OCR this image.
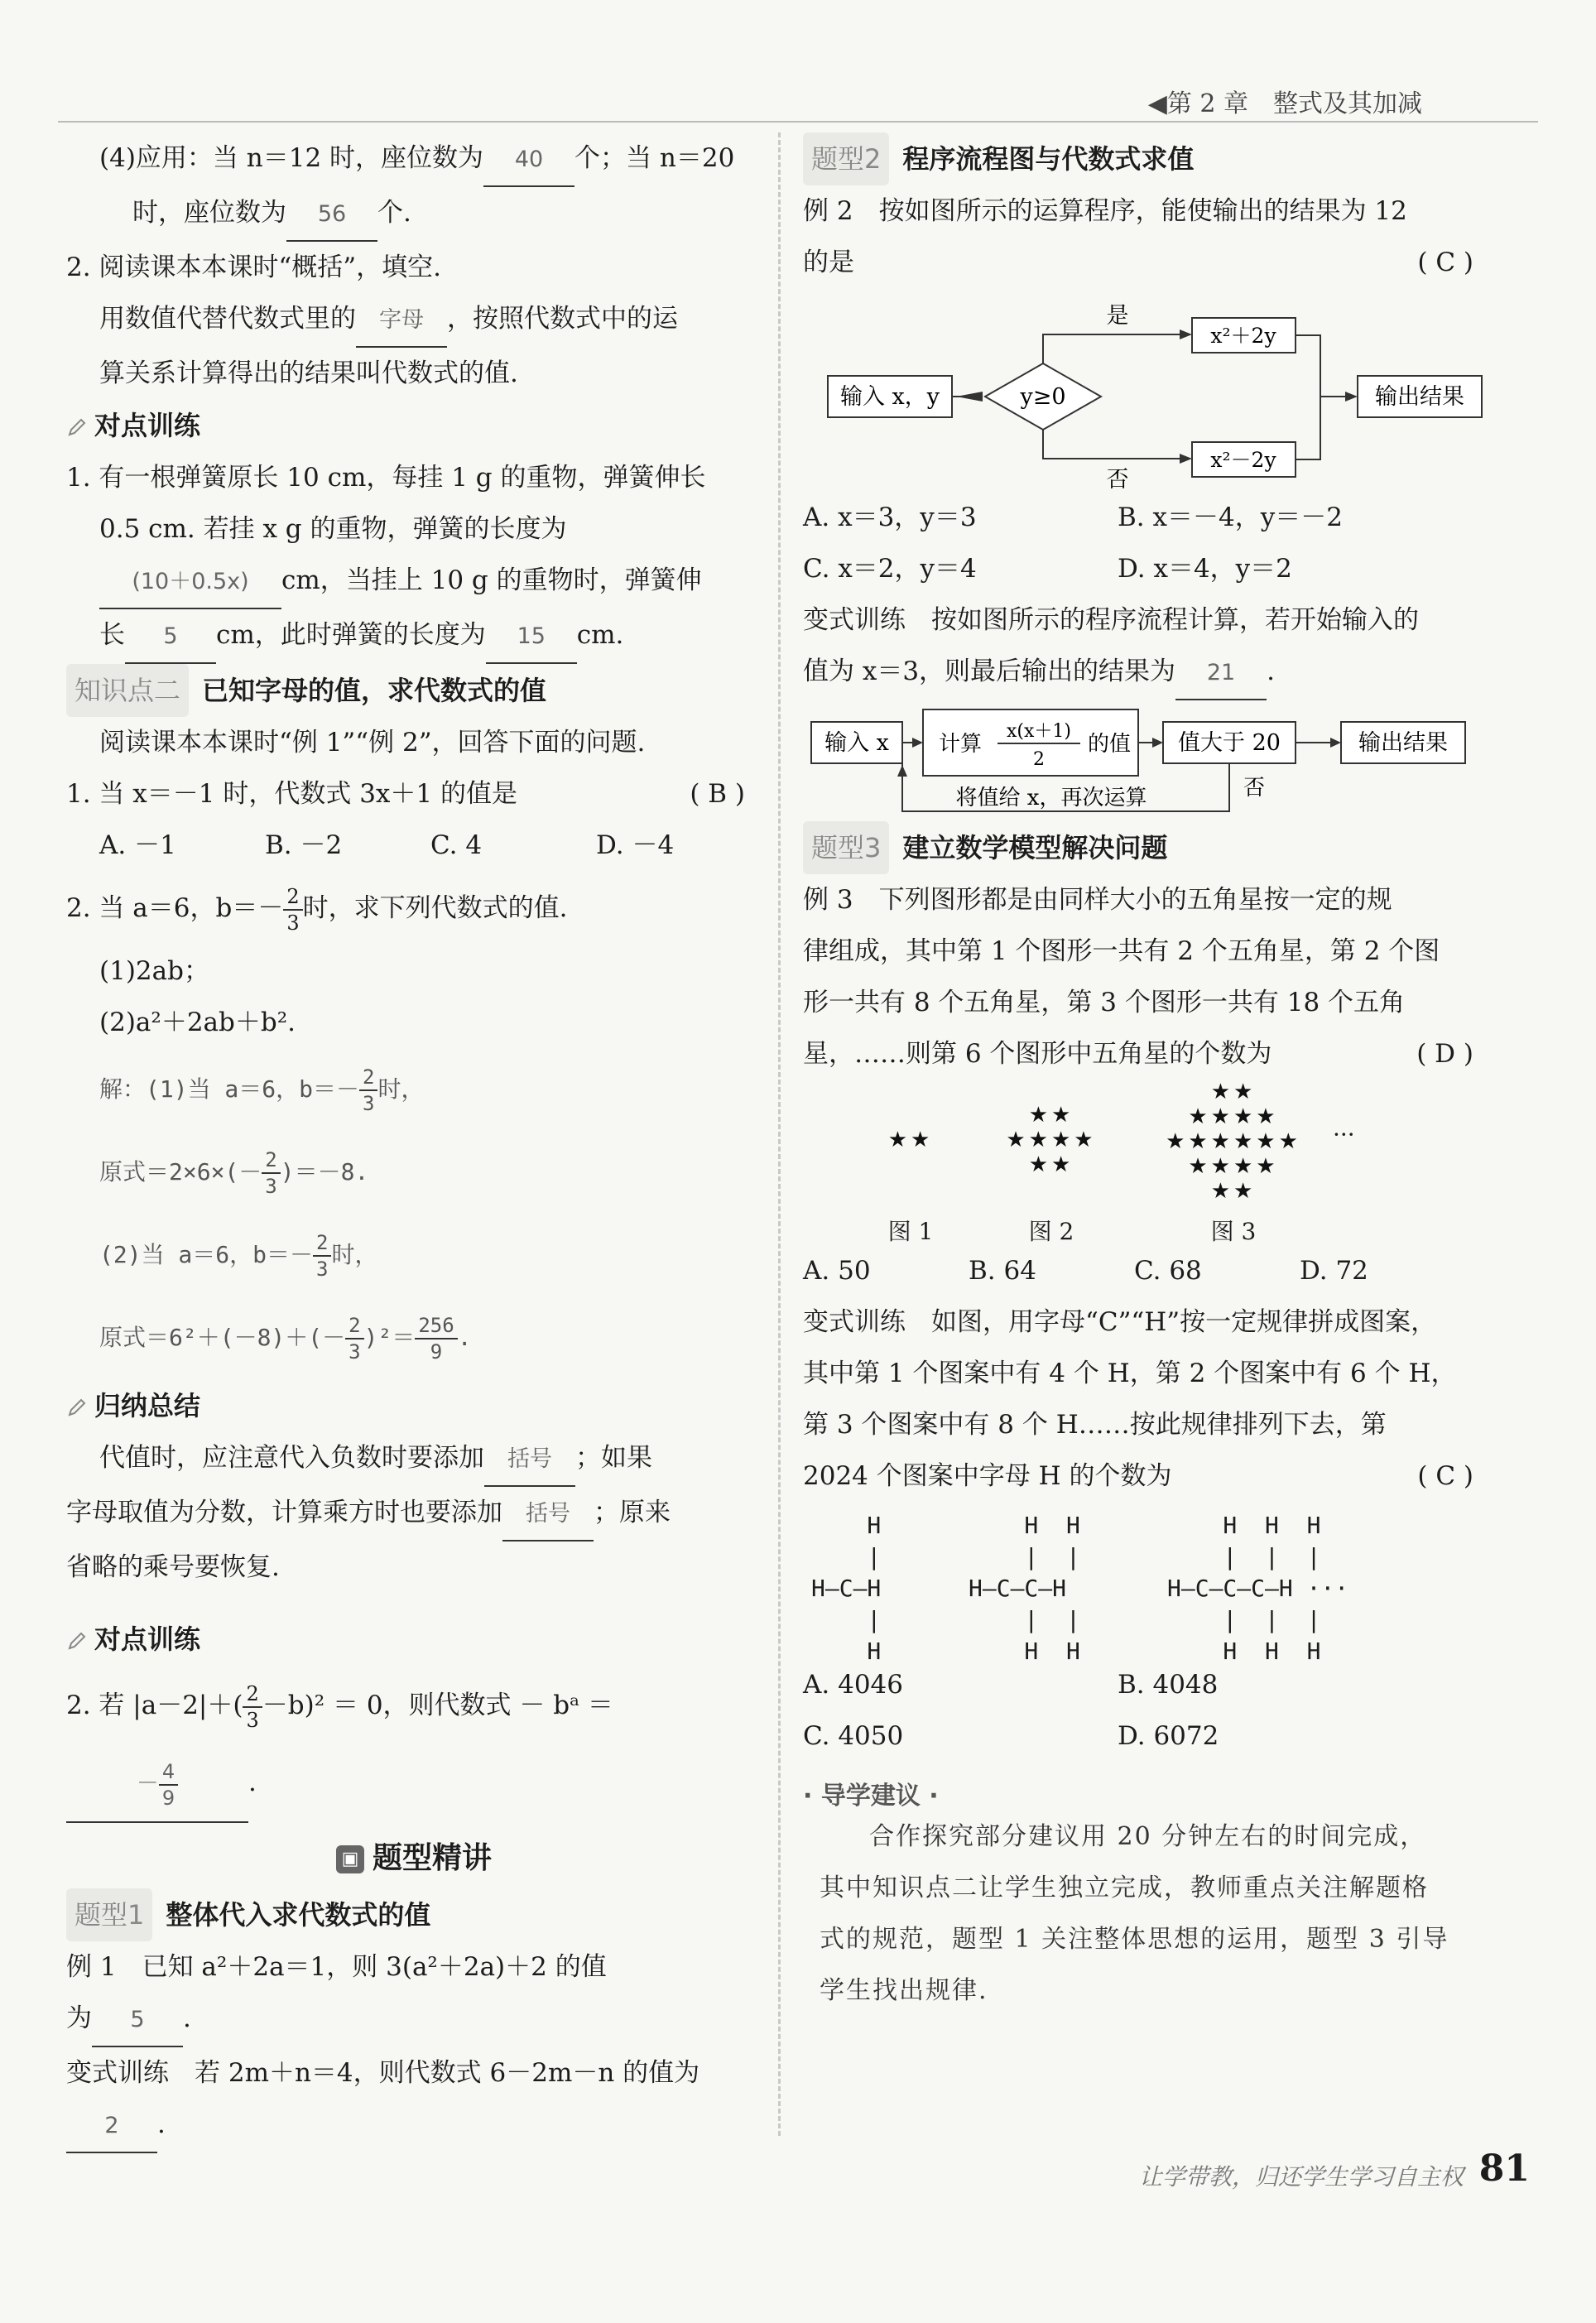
◀第 2 章　整式及其加减

(4)应用：当 n＝12 时，座位数为 40 个；当 n＝20

时，座位数为 56 个.

2. 阅读课本本课时“概括”，填空.

用数值代替代数式里的 字母 ，按照代数式中的运

算关系计算得出的结果叫代数式的值.

对点训练

1. 有一根弹簧原长 10 cm，每挂 1 g 的重物，弹簧伸长

0.5 cm. 若挂 x g 的重物，弹簧的长度为

(10＋0.5x) cm，当挂上 10 g 的重物时，弹簧伸

长 5 cm，此时弹簧的长度为 15 cm.

知识点二 已知字母的值，求代数式的值

阅读课本本课时“例 1”“例 2”，回答下面的问题.

1. 当 x＝－1 时，代数式 3x＋1 的值是	( B )

A. －1	B. －2	C. 4	D. －4

2. 当 a＝6，$b=- \frac{2}{3}$ 时，求下列代数式的值.

(1)2ab；

(2)a²＋2ab＋b².

解：(1)当 a＝6，$b=- \frac{2}{3}$ 时，
原式$=2\times 6\times(- \frac{2}{3} )=-8$.
(2)当 a＝6，$b=- \frac{2}{3}$ 时，
原式$=6^2+(-8)+(- \frac{2}{3} )^2= \frac{256}{9}$ .
归纳总结

代值时，应注意代入负数时要添加 括号 ；如果

字母取值为分数，计算乘方时也要添加 括号 ；原来

省略的乘号要恢复.

对点训练

2. 若 $|a-2|+( \frac{2}{3} -b)^2 = 0$，则代数式 － bᵃ ＝

－ $\frac{4}{9}$	.

▣ 题型精讲
题型1 整体代入求代数式的值

例 1　已知 a²＋2a＝1，则 3(a²＋2a)＋2 的值

为 5 .

变式训练　若 2m＋n＝4，则代数式 6－2m－n 的值为

2 .

题型2 程序流程图与代数式求值

例 2　按如图所示的运算程序，能使输出的结果为 12

的是	( C )

输入 x，y	y≥0
是
否
x²＋2y
x²－2y
输出结果

A. x＝3，y＝3	B. x＝－4，y＝－2

C. x＝2，y＝4	D. x＝4，y＝2

变式训练　按如图所示的程序流程计算，若开始输入的

值为 x＝3，则最后输出的结果为 21 .

输入 x 计算
x(x＋1)
2
的值 值大于 20	输出结果
将值给 x，再次运算	否
题型3 建立数学模型解决问题

例 3　下列图形都是由同样大小的五角星按一定的规

律组成，其中第 1 个图形一共有 2 个五角星，第 2 个图

形一共有 8 个五角星，第 3 个图形一共有 18 个五角

星，……则第 6 个图形中五角星的个数为	( D )

★★
★★
★★★★
★★
★★
★★★★
★★★★★★
★★★★
★★
···
图 1	图 2	图 3

A. 50	B. 64	C. 68	D. 72

变式训练　如图，用字母“C”“H”按一定规律拼成图案，

其中第 1 个图案中有 4 个 H，第 2 个图案中有 6 个 H，

第 3 个图案中有 8 个 H……按此规律排列下去，第

2024 个图案中字母 H 的个数为	( C )

H
|
H—C—H
|
H
H  H
|  |
H—C—C—H
|  |
H  H
H  H  H
|  |  |
H—C—C—C—H ···
|  |  |
H  H  H

A. 4046	B. 4048

C. 4050	D. 6072

· 导学建议 ·
合作探究部分建议用 20 分钟左右的时间完成，
其中知识点二让学生独立完成，教师重点关注解题格
式的规范，题型 1 关注整体思想的运用，题型 3 引导
学生找出规律.
让学带教，归还学生学习自主权 81
